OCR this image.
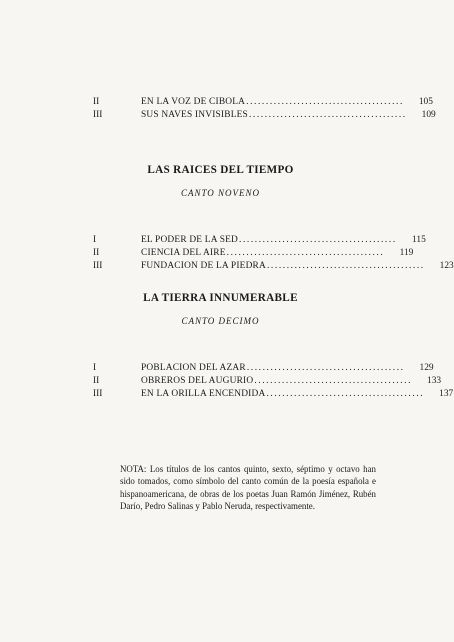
II	EN LA VOZ DE CIBOLA ........................................	105
III	SUS NAVES INVISIBLES ........................................	109
LAS RAICES DEL TIEMPO
CANTO NOVENO
I	EL PODER DE LA SED ........................................	115
II	CIENCIA DEL AIRE ........................................	119
III	FUNDACION DE LA PIEDRA ........................................	123
LA TIERRA INNUMERABLE
CANTO DECIMO
I	POBLACION DEL AZAR ........................................	129
II	OBREROS DEL AUGURIO ........................................	133
III	EN LA ORILLA ENCENDIDA ........................................	137
NOTA: Los títulos de los cantos quinto, sexto, séptimo y octavo han sido tomados, como símbolo del canto común de la poesía española e hispanoamericana, de obras de los poetas Juan Ramón Jiménez, Rubén Darío, Pedro Salinas y Pablo Neruda, respectivamente.
